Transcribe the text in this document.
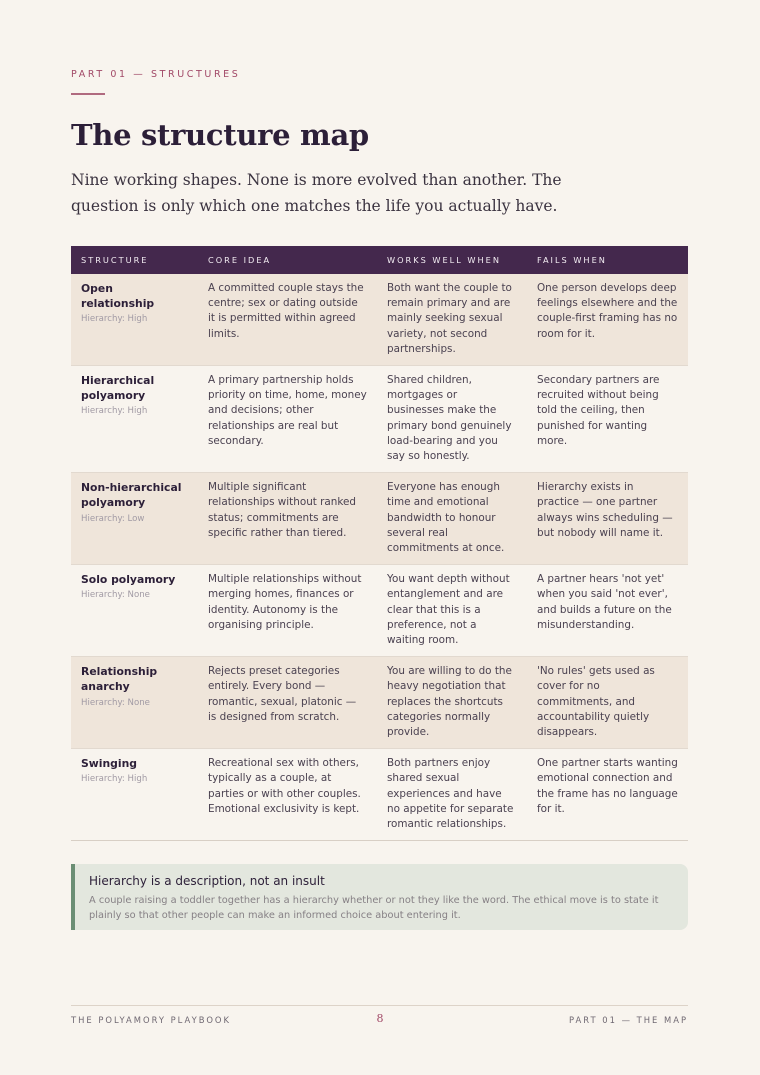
PART 01 — STRUCTURES
The structure map

Nine working shapes. None is more evolved than another. The question is only which one matches the life you actually have.

STRUCTURE	CORE IDEA	WORKS WELL WHEN	FAILS WHEN

Open relationship
Hierarchy: High	A committed couple stays the centre; sex or dating outside it is permitted within agreed limits.	Both want the couple to remain primary and are mainly seeking sexual variety, not second partnerships.	One person develops deep feelings elsewhere and the couple-first framing has no room for it.

Hierarchical polyamory
Hierarchy: High	A primary partnership holds priority on time, home, money and decisions; other relationships are real but secondary.	Shared children, mortgages or businesses make the primary bond genuinely load-bearing and you say so honestly.	Secondary partners are recruited without being told the ceiling, then punished for wanting more.

Non-hierarchical polyamory
Hierarchy: Low	Multiple significant relationships without ranked status; commitments are specific rather than tiered.	Everyone has enough time and emotional bandwidth to honour several real commitments at once.	Hierarchy exists in practice — one partner always wins scheduling — but nobody will name it.

Solo polyamory
Hierarchy: None	Multiple relationships without merging homes, finances or identity. Autonomy is the organising principle.	You want depth without entanglement and are clear that this is a preference, not a waiting room.	A partner hears 'not yet' when you said 'not ever', and builds a future on the misunderstanding.

Relationship anarchy
Hierarchy: None	Rejects preset categories entirely. Every bond — romantic, sexual, platonic — is designed from scratch.	You are willing to do the heavy negotiation that replaces the shortcuts categories normally provide.	'No rules' gets used as cover for no commitments, and accountability quietly disappears.

Swinging
Hierarchy: High	Recreational sex with others, typically as a couple, at parties or with other couples. Emotional exclusivity is kept.	Both partners enjoy shared sexual experiences and have no appetite for separate romantic relationships.	One partner starts wanting emotional connection and the frame has no language for it.

Hierarchy is a description, not an insult

A couple raising a toddler together has a hierarchy whether or not they like the word. The ethical move is to state it plainly so that other people can make an informed choice about entering it.

THE POLYAMORY PLAYBOOK	8	PART 01 — THE MAP
